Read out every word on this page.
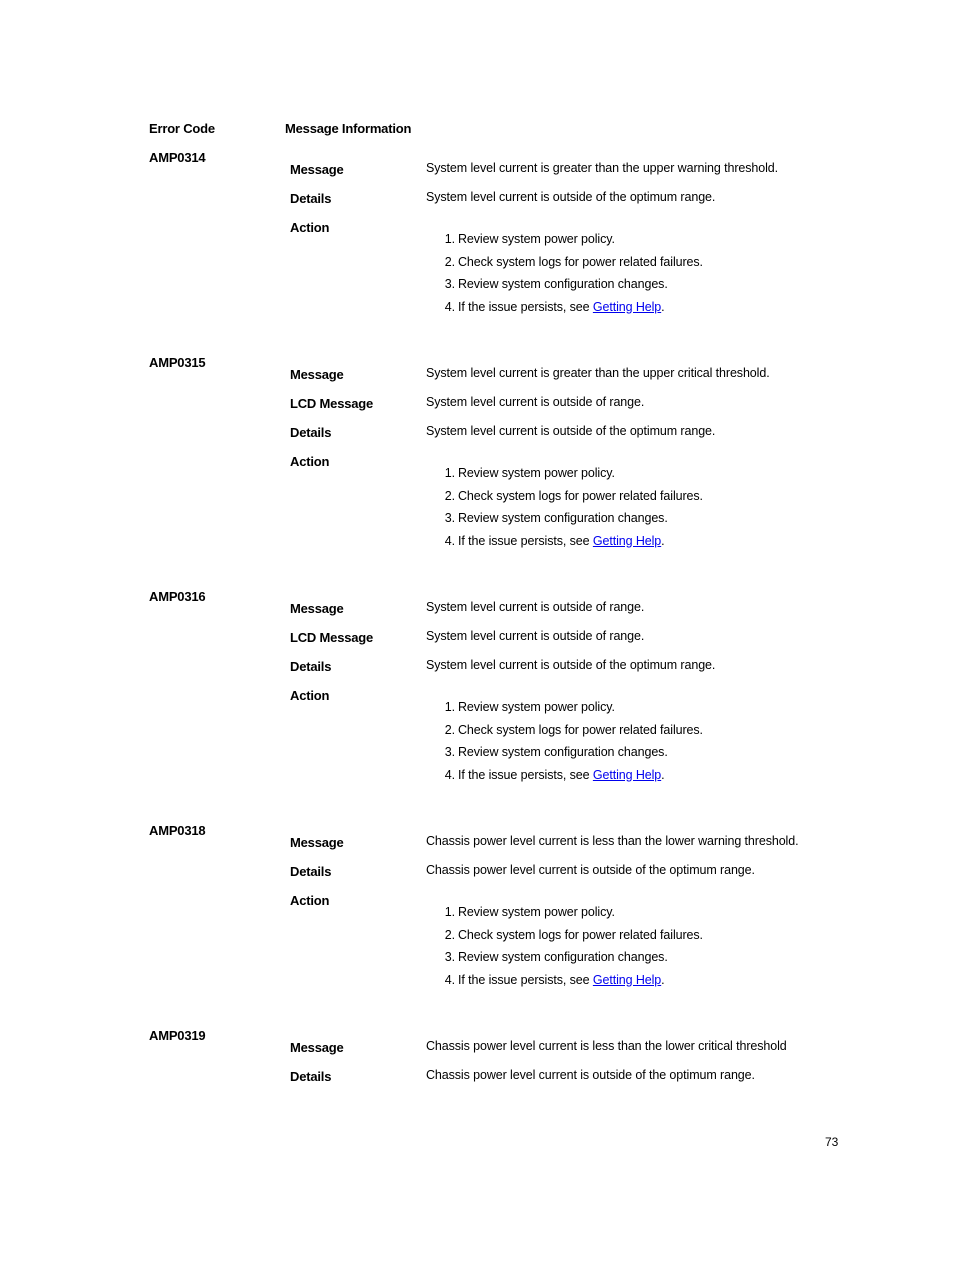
Error Code	Message Information
AMP0314
Message	System level current is greater than the upper warning threshold.
Details	System level current is outside of the optimum range.
Action
1. Review system power policy.
2. Check system logs for power related failures.
3. Review system configuration changes.
4. If the issue persists, see Getting Help.
AMP0315
Message	System level current is greater than the upper critical threshold.
LCD Message	System level current is outside of range.
Details	System level current is outside of the optimum range.
Action
1. Review system power policy.
2. Check system logs for power related failures.
3. Review system configuration changes.
4. If the issue persists, see Getting Help.
AMP0316
Message	System level current is outside of range.
LCD Message	System level current is outside of range.
Details	System level current is outside of the optimum range.
Action
1. Review system power policy.
2. Check system logs for power related failures.
3. Review system configuration changes.
4. If the issue persists, see Getting Help.
AMP0318
Message	Chassis power level current is less than the lower warning threshold.
Details	Chassis power level current is outside of the optimum range.
Action
1. Review system power policy.
2. Check system logs for power related failures.
3. Review system configuration changes.
4. If the issue persists, see Getting Help.
AMP0319
Message	Chassis power level current is less than the lower critical threshold
Details	Chassis power level current is outside of the optimum range.
73
